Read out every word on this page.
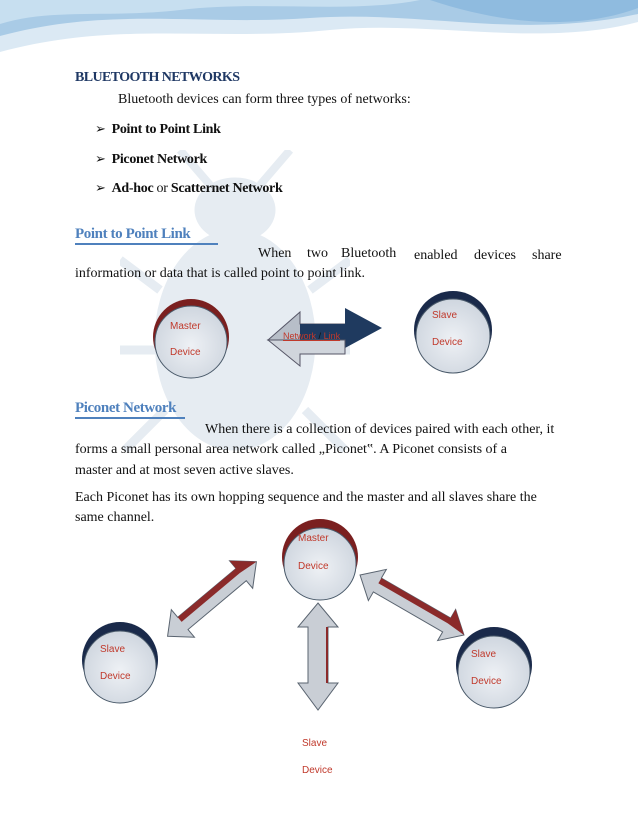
BLUETOOTH NETWORKS
Bluetooth devices can form three types of networks:
➢ Point to Point Link
➢ Piconet Network
➢ Ad-hoc or Scatternet Network
Point to Point Link
When two Bluetooth enabled devices share
information or data that is called point to point link.
Master
Device
Slave
Device
Network / Link
Piconet Network
When there is a collection of devices paired with each other, it
forms a small personal area network called „Piconet‟. A Piconet consists of a
master and at most seven active slaves.
Each Piconet has its own hopping sequence and the master and all slaves share the
same channel.
Master
Device
Slave
Device
Slave
Device
Slave
Device
